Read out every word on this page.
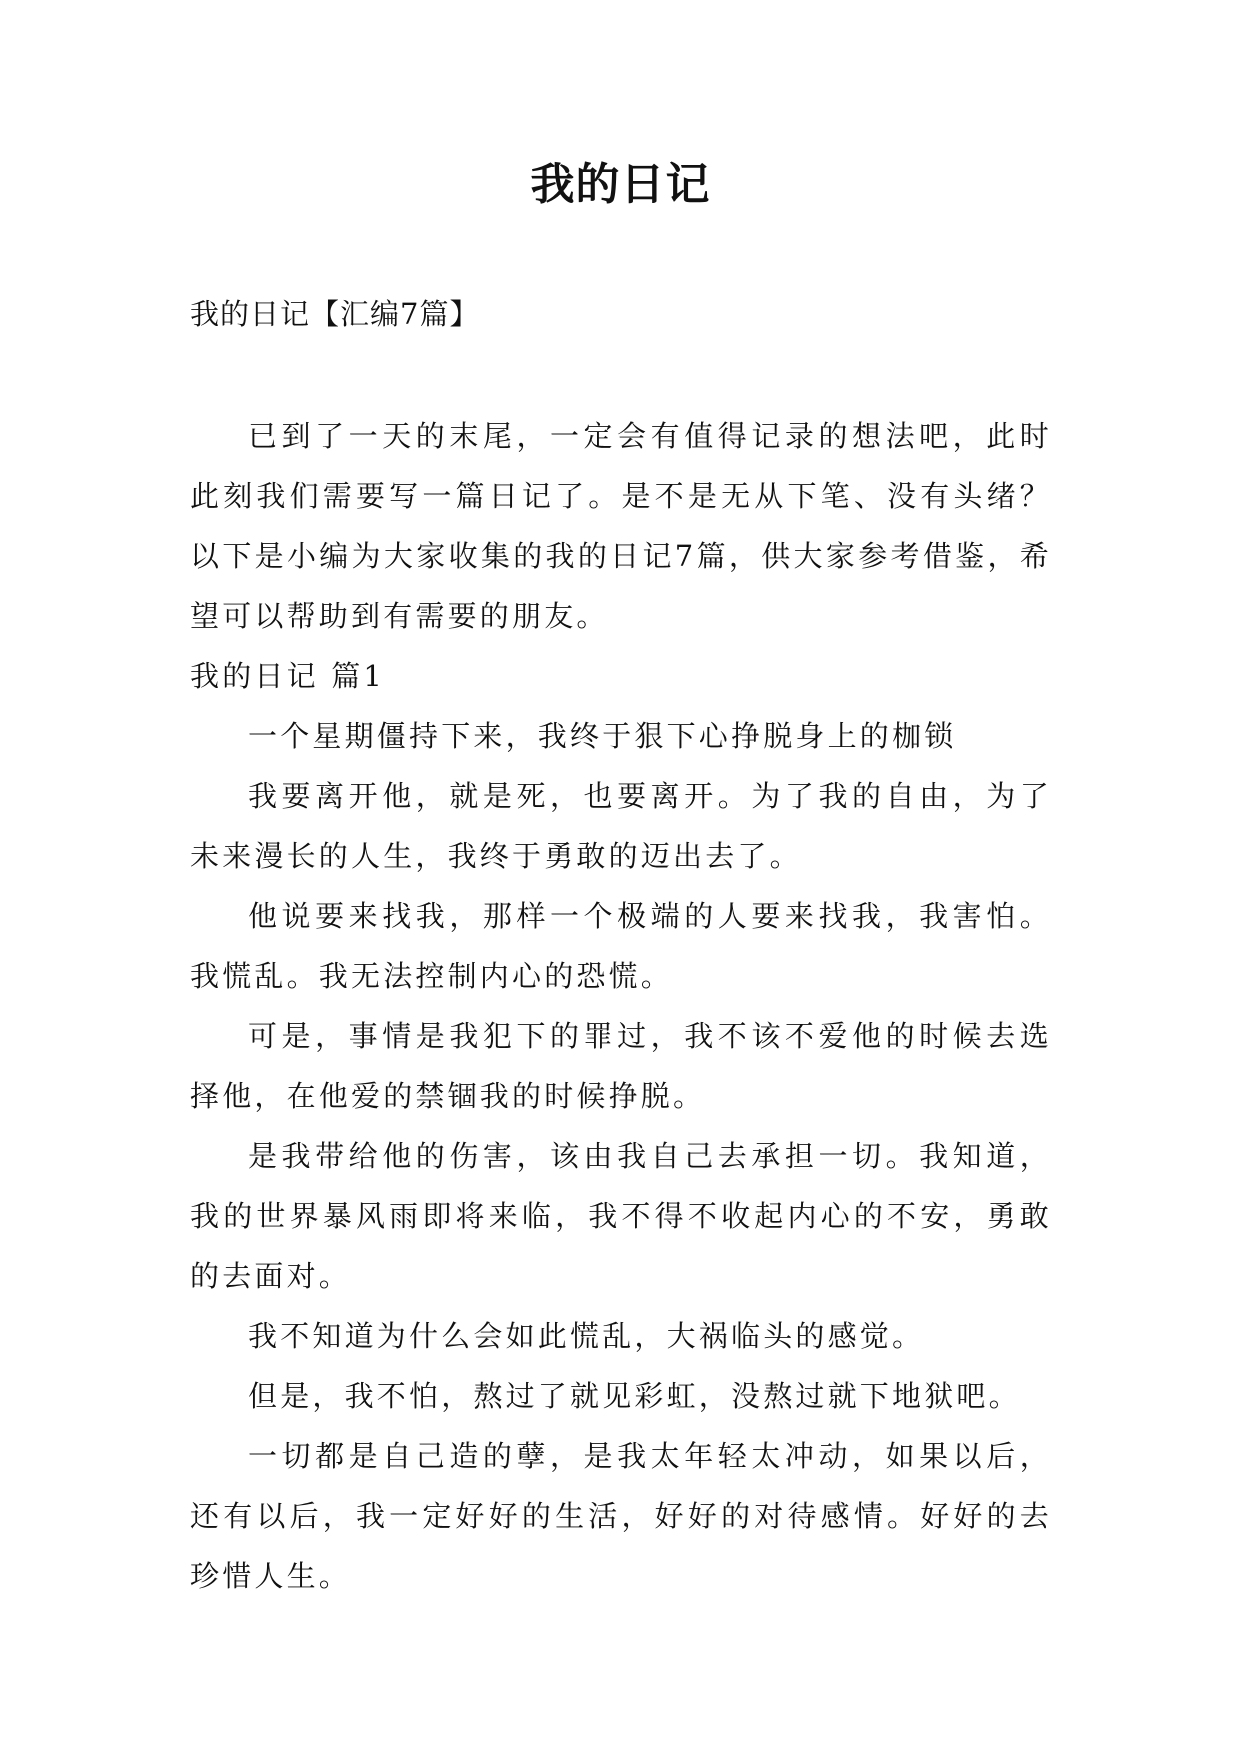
我的日记
我的日记【汇编7篇】

已到了一天的末尾，一定会有值得记录的想法吧，此时此刻我们需要写一篇日记了。是不是无从下笔、没有头绪？以下是小编为大家收集的我的日记7篇，供大家参考借鉴，希望可以帮助到有需要的朋友。

我的日记 篇1

一个星期僵持下来，我终于狠下心挣脱身上的枷锁

我要离开他，就是死，也要离开。为了我的自由，为了未来漫长的人生，我终于勇敢的迈出去了。

他说要来找我，那样一个极端的人要来找我，我害怕。我慌乱。我无法控制内心的恐慌。

可是，事情是我犯下的罪过，我不该不爱他的时候去选择他，在他爱的禁锢我的时候挣脱。

是我带给他的伤害，该由我自己去承担一切。我知道，我的世界暴风雨即将来临，我不得不收起内心的不安，勇敢的去面对。

我不知道为什么会如此慌乱，大祸临头的感觉。

但是，我不怕，熬过了就见彩虹，没熬过就下地狱吧。

一切都是自己造的孽，是我太年轻太冲动，如果以后，还有以后，我一定好好的生活，好好的对待感情。好好的去珍惜人生。
